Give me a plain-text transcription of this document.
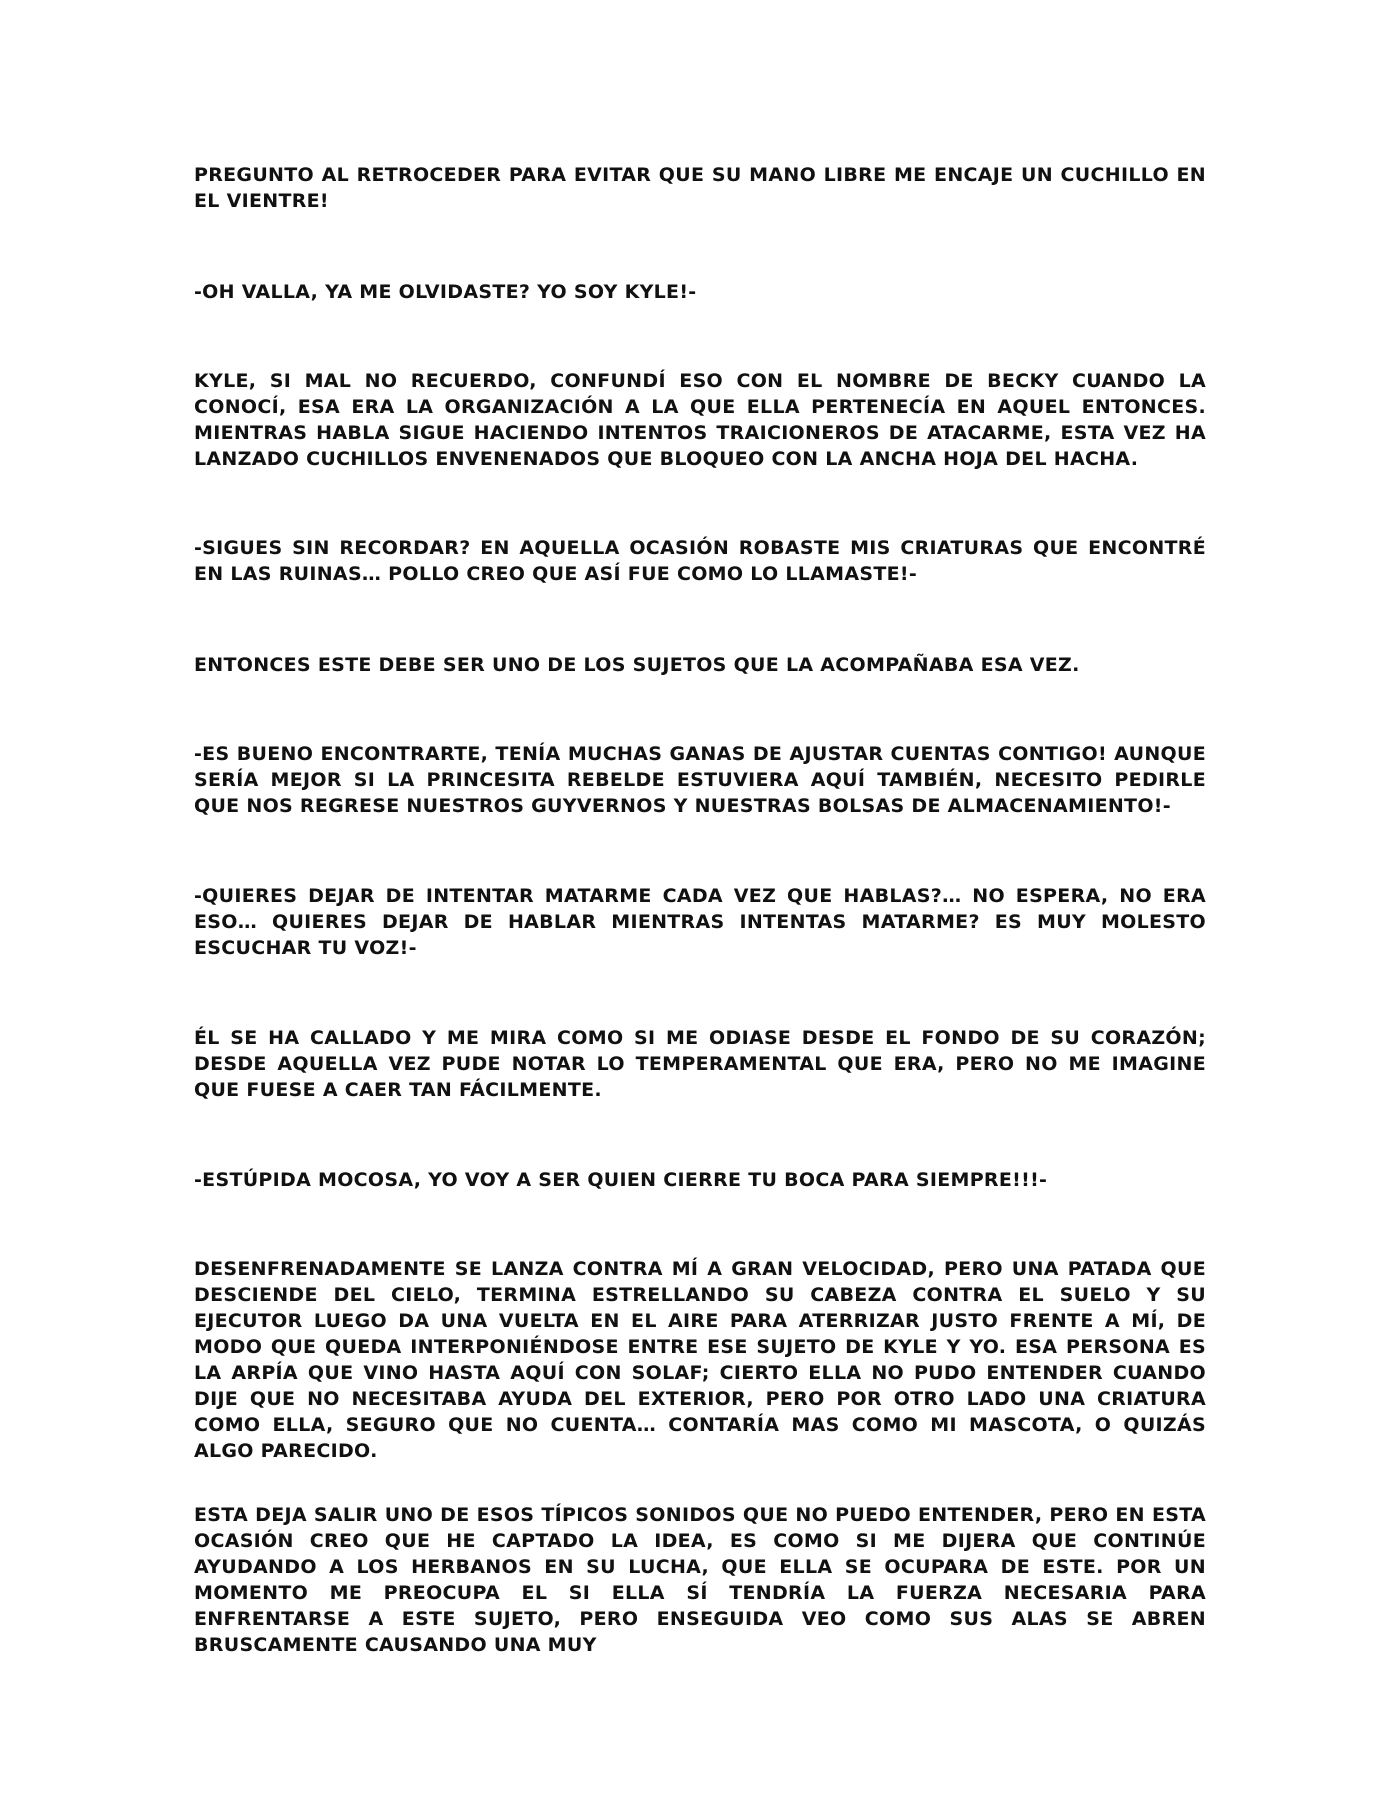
PREGUNTO AL RETROCEDER PARA EVITAR QUE SU MANO LIBRE ME ENCAJE UN CUCHILLO EN EL VIENTRE!

-OH VALLA, YA ME OLVIDASTE? YO SOY KYLE!-

KYLE, SI MAL NO RECUERDO, CONFUNDÍ ESO CON EL NOMBRE DE BECKY CUANDO LA CONOCÍ, ESA ERA LA ORGANIZACIÓN A LA QUE ELLA PERTENECÍA EN AQUEL ENTONCES. MIENTRAS HABLA SIGUE HACIENDO INTENTOS TRAICIONEROS DE ATACARME, ESTA VEZ HA LANZADO CUCHILLOS ENVENENADOS QUE BLOQUEO CON LA ANCHA HOJA DEL HACHA.

-SIGUES SIN RECORDAR? EN AQUELLA OCASIÓN ROBASTE MIS CRIATURAS QUE ENCONTRÉ EN LAS RUINAS… POLLO CREO QUE ASÍ FUE COMO LO LLAMASTE!-

ENTONCES ESTE DEBE SER UNO DE LOS SUJETOS QUE LA ACOMPAÑABA ESA VEZ.

-ES BUENO ENCONTRARTE, TENÍA MUCHAS GANAS DE AJUSTAR CUENTAS CONTIGO! AUNQUE SERÍA MEJOR SI LA PRINCESITA REBELDE ESTUVIERA AQUÍ TAMBIÉN, NECESITO PEDIRLE QUE NOS REGRESE NUESTROS GUYVERNOS Y NUESTRAS BOLSAS DE ALMACENAMIENTO!-

-QUIERES DEJAR DE INTENTAR MATARME CADA VEZ QUE HABLAS?… NO ESPERA, NO ERA ESO… QUIERES DEJAR DE HABLAR MIENTRAS INTENTAS MATARME? ES MUY MOLESTO ESCUCHAR TU VOZ!-

ÉL SE HA CALLADO Y ME MIRA COMO SI ME ODIASE DESDE EL FONDO DE SU CORAZÓN; DESDE AQUELLA VEZ PUDE NOTAR LO TEMPERAMENTAL QUE ERA, PERO NO ME IMAGINE QUE FUESE A CAER TAN FÁCILMENTE.

-ESTÚPIDA MOCOSA, YO VOY A SER QUIEN CIERRE TU BOCA PARA SIEMPRE!!!-

DESENFRENADAMENTE SE LANZA CONTRA MÍ A GRAN VELOCIDAD, PERO UNA PATADA QUE DESCIENDE DEL CIELO, TERMINA ESTRELLANDO SU CABEZA CONTRA EL SUELO Y SU EJECUTOR LUEGO DA UNA VUELTA EN EL AIRE PARA ATERRIZAR JUSTO FRENTE A MÍ, DE MODO QUE QUEDA INTERPONIÉNDOSE ENTRE ESE SUJETO DE KYLE Y YO. ESA PERSONA ES LA ARPÍA QUE VINO HASTA AQUÍ CON SOLAF; CIERTO ELLA NO PUDO ENTENDER CUANDO DIJE QUE NO NECESITABA AYUDA DEL EXTERIOR, PERO POR OTRO LADO UNA CRIATURA COMO ELLA, SEGURO QUE NO CUENTA… CONTARÍA MAS COMO MI MASCOTA, O QUIZÁS ALGO PARECIDO.

ESTA DEJA SALIR UNO DE ESOS TÍPICOS SONIDOS QUE NO PUEDO ENTENDER, PERO EN ESTA OCASIÓN CREO QUE HE CAPTADO LA IDEA, ES COMO SI ME DIJERA QUE CONTINÚE AYUDANDO A LOS HERBANOS EN SU LUCHA, QUE ELLA SE OCUPARA DE ESTE. POR UN MOMENTO ME PREOCUPA EL SI ELLA SÍ TENDRÍA LA FUERZA NECESARIA PARA ENFRENTARSE A ESTE SUJETO, PERO ENSEGUIDA VEO COMO SUS ALAS SE ABREN BRUSCAMENTE CAUSANDO UNA MUY
